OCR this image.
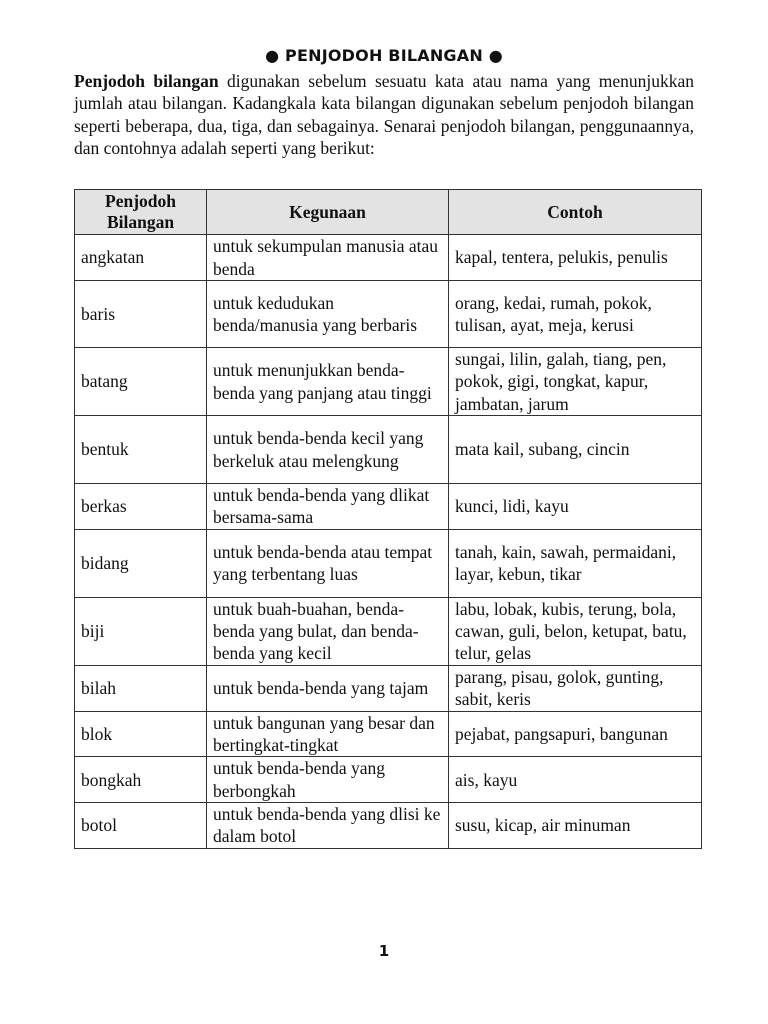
● PENJODOH BILANGAN ●

Penjodoh bilangan digunakan sebelum sesuatu kata atau nama yang menunjukkan jumlah atau bilangan. Kadangkala kata bilangan digunakan sebelum penjodoh bilangan seperti beberapa, dua, tiga, dan sebagainya. Senarai penjodoh bilangan, penggunaannya, dan contohnya adalah seperti yang berikut:

Penjodoh Bilangan	Kegunaan	Contoh
angkatan	untuk sekumpulan manusia atau benda	kapal, tentera, pelukis, penulis
baris	untuk kedudukan benda/manusia yang berbaris	orang, kedai, rumah, pokok, tulisan, ayat, meja, kerusi
batang	untuk menunjukkan benda-benda yang panjang atau tinggi	sungai, lilin, galah, tiang, pen, pokok, gigi, tongkat, kapur, jambatan, jarum
bentuk	untuk benda-benda kecil yang berkeluk atau melengkung	mata kail, subang, cincin
berkas	untuk benda-benda yang dlikat bersama-sama	kunci, lidi, kayu
bidang	untuk benda-benda atau tempat yang terbentang luas	tanah, kain, sawah, permaidani, layar, kebun, tikar
biji	untuk buah-buahan, benda-benda yang bulat, dan benda-benda yang kecil	labu, lobak, kubis, terung, bola, cawan, guli, belon, ketupat, batu, telur, gelas
bilah	untuk benda-benda yang tajam	parang, pisau, golok, gunting, sabit, keris
blok	untuk bangunan yang besar dan bertingkat-tingkat	pejabat, pangsapuri, bangunan
bongkah	untuk benda-benda yang berbongkah	ais, kayu
botol	untuk benda-benda yang dlisi ke dalam botol	susu, kicap, air minuman
1
